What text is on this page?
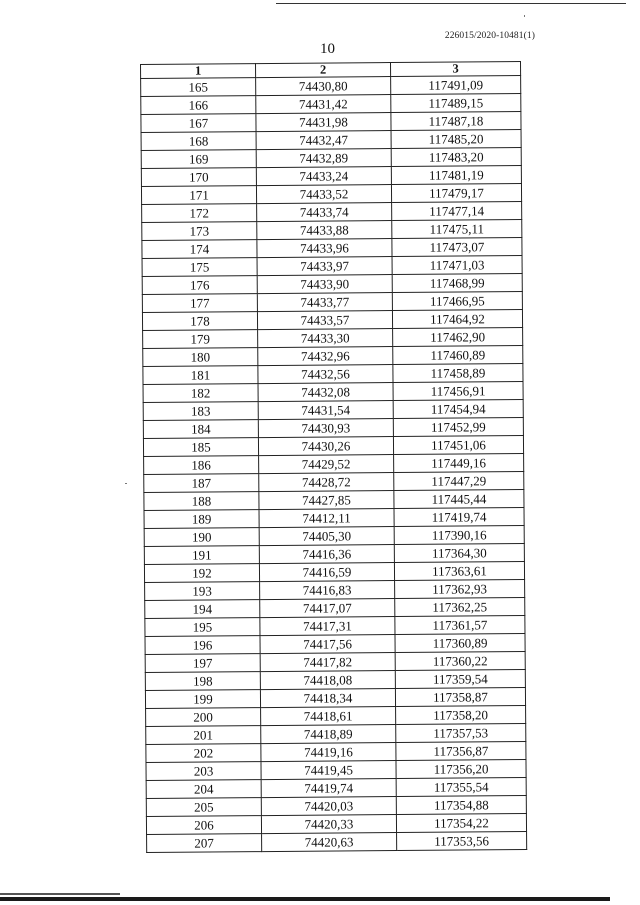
226015/2020-10481(1)
10
1	2	3
165	74430,80	117491,09
166	74431,42	117489,15
167	74431,98	117487,18
168	74432,47	117485,20
169	74432,89	117483,20
170	74433,24	117481,19
171	74433,52	117479,17
172	74433,74	117477,14
173	74433,88	117475,11
174	74433,96	117473,07
175	74433,97	117471,03
176	74433,90	117468,99
177	74433,77	117466,95
178	74433,57	117464,92
179	74433,30	117462,90
180	74432,96	117460,89
181	74432,56	117458,89
182	74432,08	117456,91
183	74431,54	117454,94
184	74430,93	117452,99
185	74430,26	117451,06
186	74429,52	117449,16
187	74428,72	117447,29
188	74427,85	117445,44
189	74412,11	117419,74
190	74405,30	117390,16
191	74416,36	117364,30
192	74416,59	117363,61
193	74416,83	117362,93
194	74417,07	117362,25
195	74417,31	117361,57
196	74417,56	117360,89
197	74417,82	117360,22
198	74418,08	117359,54
199	74418,34	117358,87
200	74418,61	117358,20
201	74418,89	117357,53
202	74419,16	117356,87
203	74419,45	117356,20
204	74419,74	117355,54
205	74420,03	117354,88
206	74420,33	117354,22
207	74420,63	117353,56
